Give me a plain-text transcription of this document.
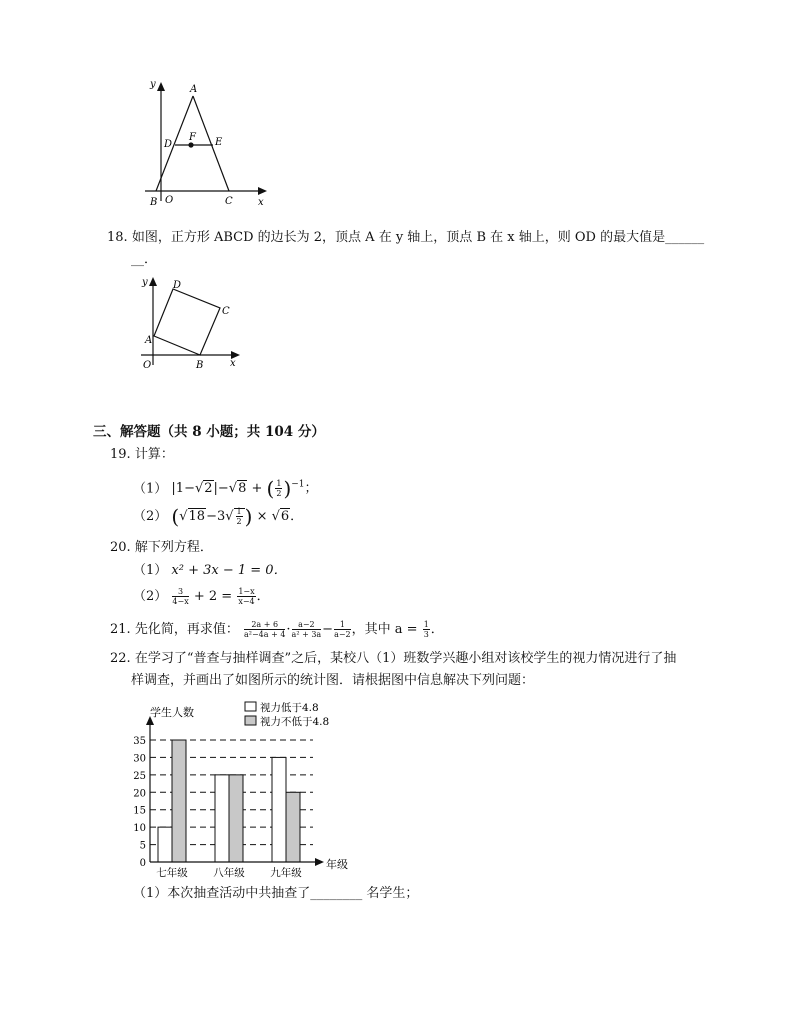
y	A
D
F E
B O	C	x
18. 如图，正方形 ABCD 的边长为 2，顶点 A 在 y 轴上，顶点 B 在 x 轴上，则 OD 的最大值是______
__．
y	D
C
A
O	B	x
三、解答题（共 8 小题；共 104 分）
19. 计算：
（1） |1−√2|−√8 + ( $\frac{1}{2} )^{-1}$；
（2） ($√18-3√ \frac{1}{2}$ ) × √6．
20. 解下列方程．
（1） x² + 3x − 1 = 0．
$(2) \frac{3}{4-x} + 2 = \frac{1-x}{x-4}$ ．
21. 先化简，再求值： $\frac{2a + 6}{\text{a²−4a + 4}} \cdot \frac{a-2}{\text{a² + 3a}} - \frac{1}{a-2}$ ，其中 $a = \frac{1}{3}$ ．
22. 在学习了“普查与抽样调查”之后，某校八（1）班数学兴趣小组对该校学生的视力情况进行了抽
样调查，并画出了如图所示的统计图．请根据图中信息解决下列问题：
学生人数	视力低于4.8
视力不低于4.8
0
5
10
15
20
25
30
35
七年级 八年级 九年级
年级
（1）本次抽查活动中共抽查了________ 名学生；
